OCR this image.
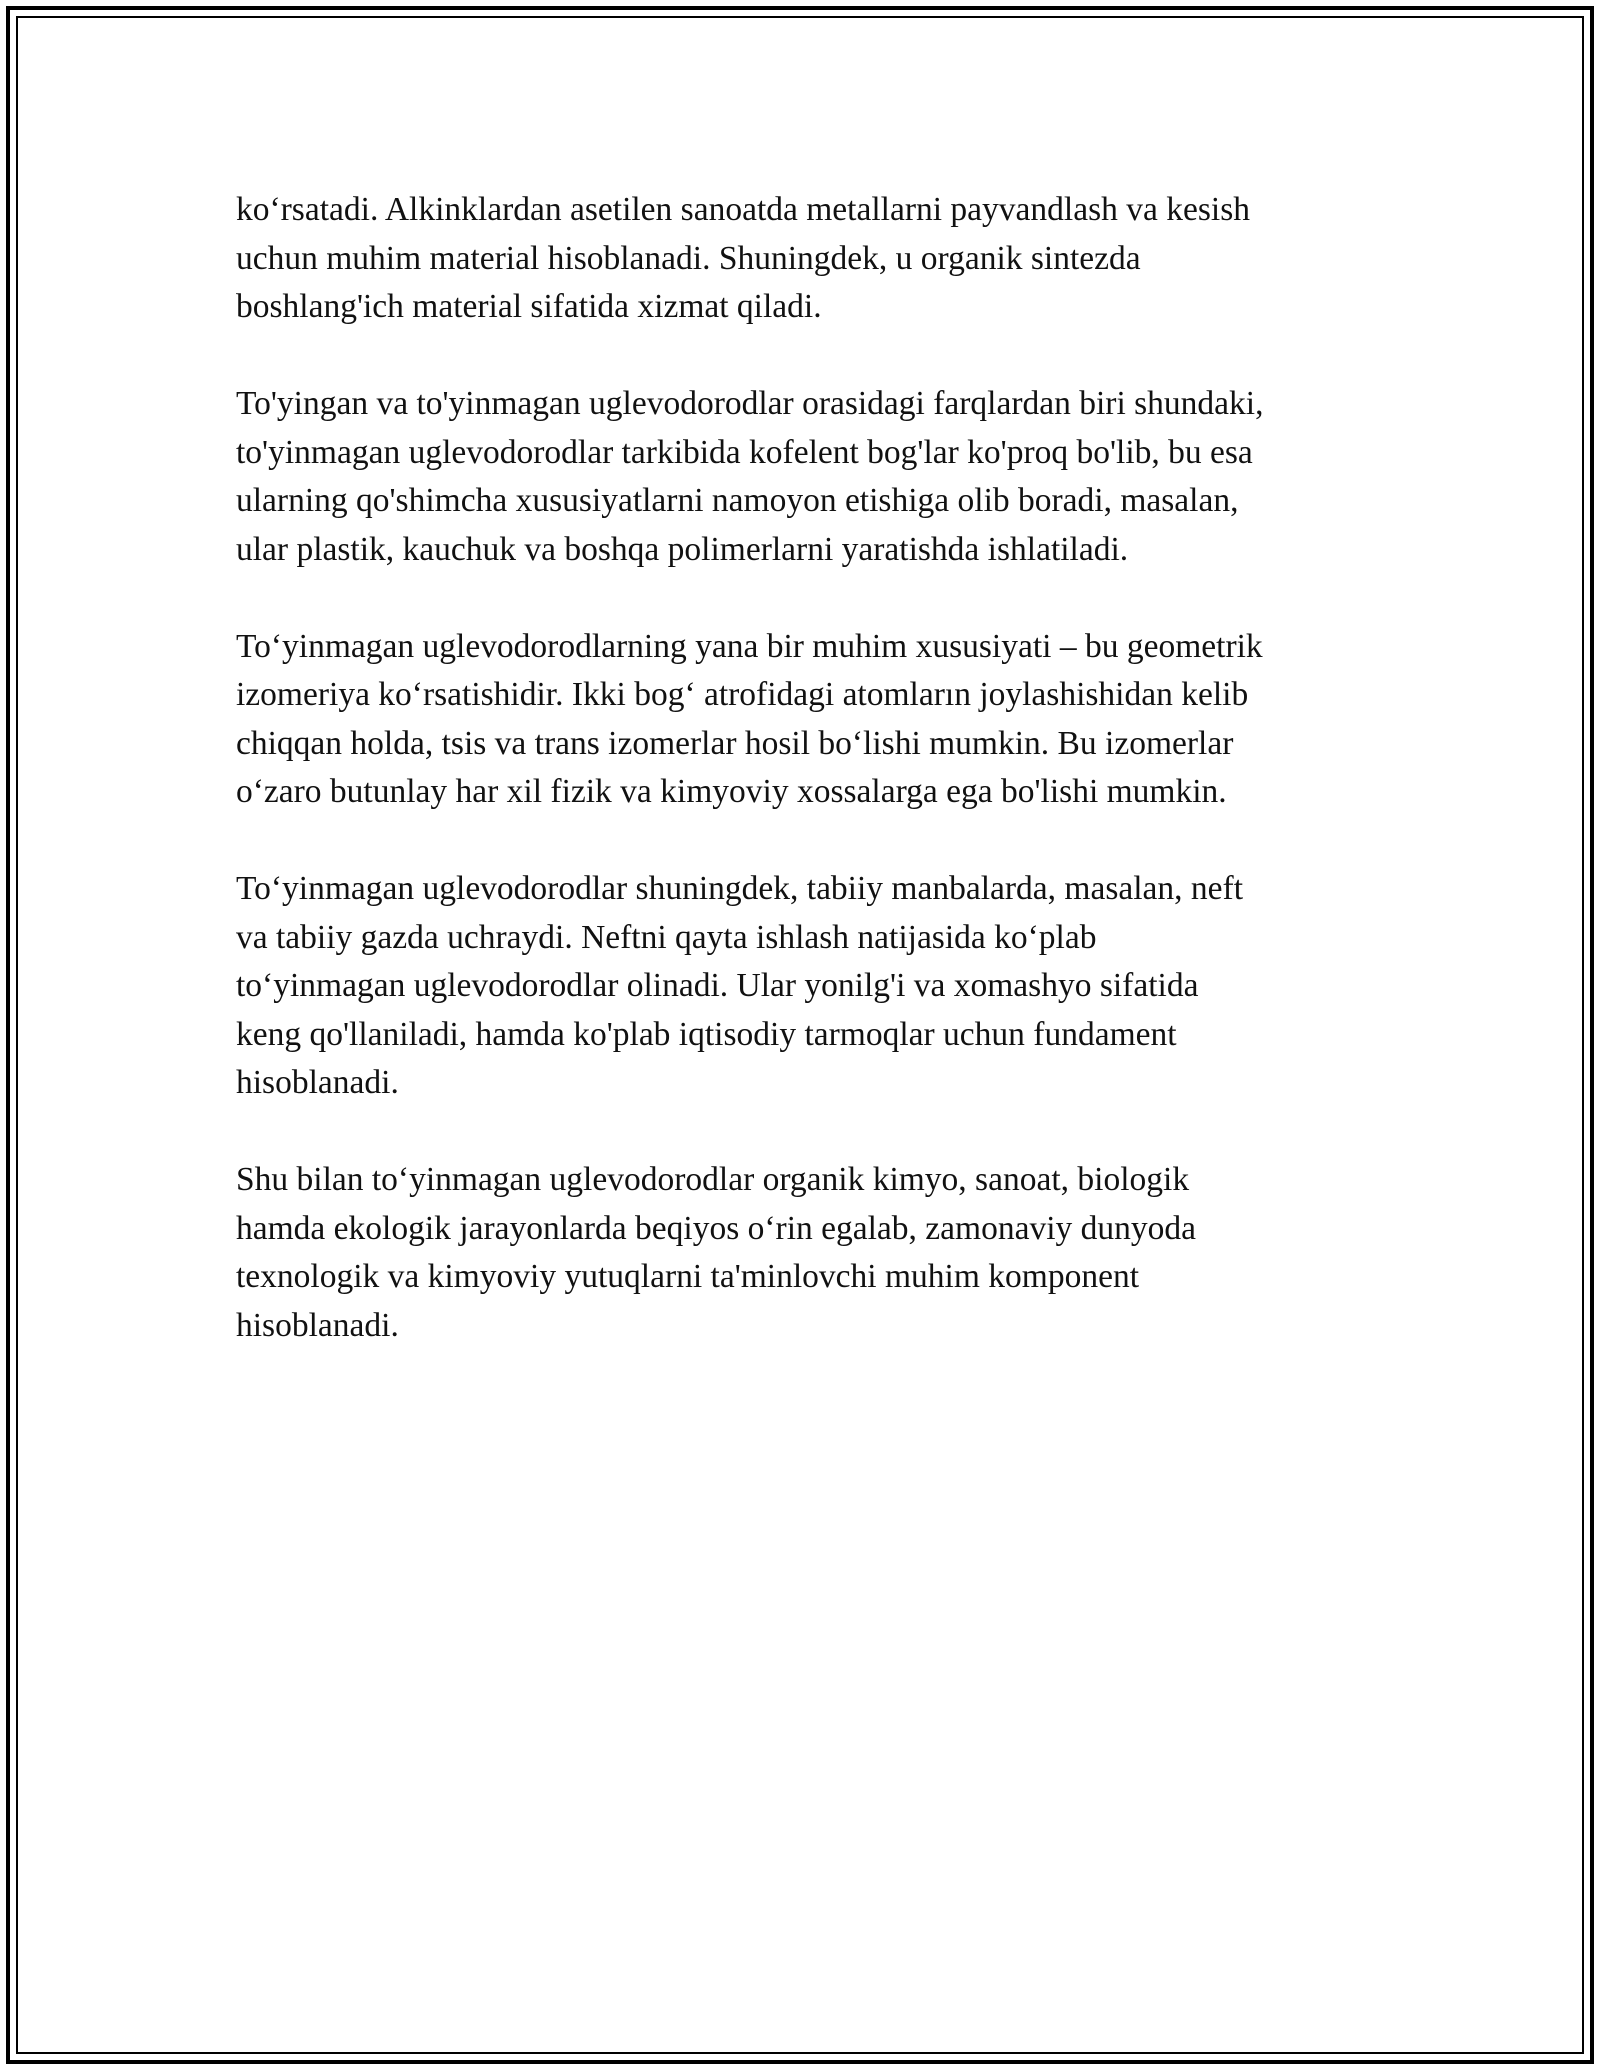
ko‘rsatadi. Alkinklardan asetilen sanoatda metallarni payvandlash va kesish
uchun muhim material hisoblanadi. Shuningdek, u organik sintezda
boshlang'ich material sifatida xizmat qiladi.

To'yingan va to'yinmagan uglevodorodlar orasidagi farqlardan biri shundaki,
to'yinmagan uglevodorodlar tarkibida kofelent bog'lar ko'proq bo'lib, bu esa
ularning qo'shimcha xususiyatlarni namoyon etishiga olib boradi, masalan,
ular plastik, kauchuk va boshqa polimerlarni yaratishda ishlatiladi.

To‘yinmagan uglevodorodlarning yana bir muhim xususiyati – bu geometrik
izomeriya ko‘rsatishidir. Ikki bog‘ atrofidagi atomların joylashishidan kelib
chiqqan holda, tsis va trans izomerlar hosil bo‘lishi mumkin. Bu izomerlar
o‘zaro butunlay har xil fizik va kimyoviy xossalarga ega bo'lishi mumkin.

To‘yinmagan uglevodorodlar shuningdek, tabiiy manbalarda, masalan, neft
va tabiiy gazda uchraydi. Neftni qayta ishlash natijasida ko‘plab
to‘yinmagan uglevodorodlar olinadi. Ular yonilg'i va xomashyo sifatida
keng qo'llaniladi, hamda ko'plab iqtisodiy tarmoqlar uchun fundament
hisoblanadi.

Shu bilan to‘yinmagan uglevodorodlar organik kimyo, sanoat, biologik
hamda ekologik jarayonlarda beqiyos o‘rin egalab, zamonaviy dunyoda
texnologik va kimyoviy yutuqlarni ta'minlovchi muhim komponent
hisoblanadi.
